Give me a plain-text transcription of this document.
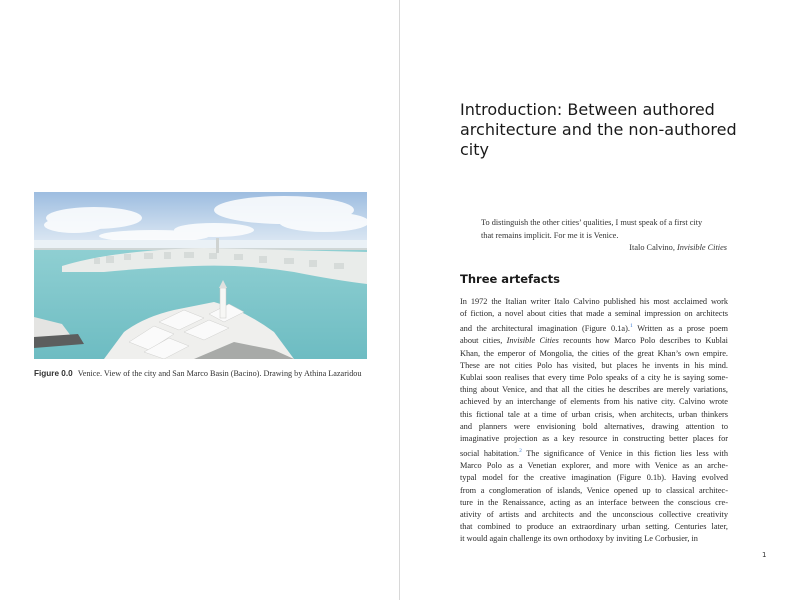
Figure 0.0 Venice. View of the city and San Marco Basin (Bacino). Drawing by Athina Lazaridou
Introduction: Between authored architecture and the non-authored city
To distinguish the other cities’ qualities, I must speak of a first city
that remains implicit. For me it is Venice.
Italo Calvino, Invisible Cities
Three artefacts
In 1972 the Italian writer Italo Calvino published his most acclaimed work
of fiction, a novel about cities that made a seminal impression on architects
and the architectural imagination (Figure 0.1a).$^1$ Written as a prose poem
about cities, Invisible Cities recounts how Marco Polo describes to Kublai
Khan, the emperor of Mongolia, the cities of the great Khan’s own empire.
These are not cities Polo has visited, but places he invents in his mind.
Kublai soon realises that every time Polo speaks of a city he is saying some-
thing about Venice, and that all the cities he describes are merely variations,
achieved by an interchange of elements from his native city. Calvino wrote
this fictional tale at a time of urban crisis, when architects, urban thinkers
and planners were envisioning bold alternatives, drawing attention to
imaginative projection as a key resource in constructing better places for
social habitation.$^2$ The significance of Venice in this fiction lies less with
Marco Polo as a Venetian explorer, and more with Venice as an arche-
typal model for the creative imagination (Figure 0.1b). Having evolved
from a conglomeration of islands, Venice opened up to classical architec-
ture in the Renaissance, acting as an interface between the conscious cre-
ativity of artists and architects and the unconscious collective creativity
that combined to produce an extraordinary urban setting. Centuries later,
it would again challenge its own orthodoxy by inviting Le Corbusier, in
1
